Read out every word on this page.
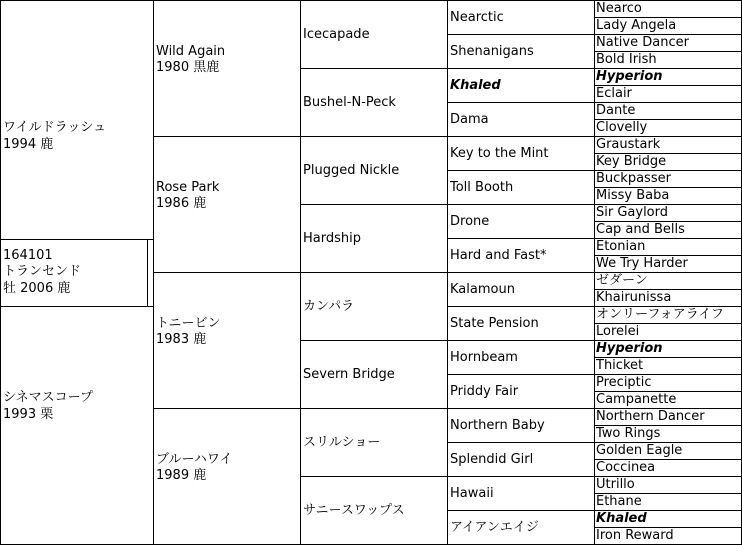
164101
トランセンド
牡 2006 鹿
ワイルドラッシュ
1994 鹿
シネマスコープ
1993 栗
Wild Again
1980 黒鹿
Rose Park
1986 鹿
トニービン
1983 鹿
ブルーハワイ
1989 鹿
Icecapade
Bushel-N-Peck
Plugged Nickle
Hardship
カンパラ
Severn Bridge
スリルショー
サニースワップス
Nearctic
Shenanigans
Khaled
Dama
Key to the Mint
Toll Booth
Drone
Hard and Fast*
Kalamoun
State Pension
Hornbeam
Priddy Fair
Northern Baby
Splendid Girl
Hawaii
アイアンエイジ
Nearco
Lady Angela
Native Dancer
Bold Irish
Hyperion
Eclair
Dante
Clovelly
Graustark
Key Bridge
Buckpasser
Missy Baba
Sir Gaylord
Cap and Bells
Etonian
We Try Harder
ゼダーン
Khairunissa
オンリーフォアライフ
Lorelei
Hyperion
Thicket
Preciptic
Campanette
Northern Dancer
Two Rings
Golden Eagle
Coccinea
Utrillo
Ethane
Khaled
Iron Reward
